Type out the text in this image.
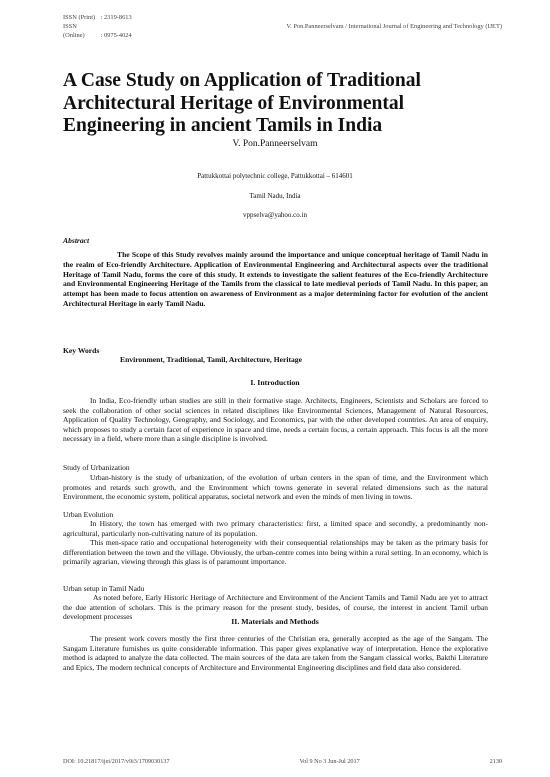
ISSN (Print) : 2319-8613
ISSN (Online) : 0975-4024
V. Pon.Panneerselvam / International Journal of Engineering and Technology (IJET)
A Case Study on Application of Traditional Architectural Heritage of Environmental Engineering in ancient Tamils in India
V. Pon.Panneerselvam
Pattukkottai polytechnic college, Pattukkottai – 614601
Tamil Nadu, India
vppselva@yahoo.co.in
Abstract

The Scope of this Study revolves mainly around the importance and unique conceptual heritage of Tamil Nadu in the realm of Eco-friendly Architecture. Application of Environmental Engineering and Architectural aspects over the traditional Heritage of Tamil Nadu, forms the core of this study. It extends to investigate the salient features of the Eco-friendly Architecture and Environmental Engineering Heritage of the Tamils from the classical to late medieval periods of Tamil Nadu. In this paper, an attempt has been made to focus attention on awareness of Environment as a major determining factor for evolution of the ancient Architectural Heritage in early Tamil Nadu.

Key Words
Environment, Traditional, Tamil, Architecture, Heritage
I. Introduction

In India, Eco-friendly urban studies are still in their formative stage. Architects, Engineers, Scientists and Scholars are forced to seek the collaboration of other social sciences in related disciplines like Environmental Sciences, Management of Natural Resources, Application of Quality Technology, Geography, and Sociology, and Economics, par with the other developed countries. An area of enquiry, which proposes to study a certain facet of experience in space and time, needs a certain focus, a certain approach. This focus is all the more necessary in a field, where more than a single discipline is involved.

Study of Urbanization

Urban-history is the study of urbanization, of the evolution of urban centers in the span of time, and the Environment which promotes and retards such growth, and the Environment which towns generate in several related dimensions such as the natural Environment, the economic system, political apparatus, societal network and even the minds of men living in towns.

Urban Evolution

In History, the town has emerged with two primary characteristics: first, a limited space and secondly, a predominantly non-agricultural, particularly non-cultivating nature of its population.

This men-space ratio and occupational heterogeneity with their consequential relationships may be taken as the primary basis for differentiation between the town and the village. Obviously, the urban-centre comes into being within a rural setting. In an economy, which is primarily agrarian, viewing through this glass is of paramount importance.

Urban setup in Tamil Nadu

As noted before, Early Historic Heritage of Architecture and Environment of the Ancient Tamils and Tamil Nadu are yet to attract the due attention of scholars. This is the primary reason for the present study, besides, of course, the interest in ancient Tamil urban development processes

II. Materials and Methods

The present work covers mostly the first three centuries of the Christian era, generally accepted as the age of the Sangam. The Sangam Literature furnishes us quite considerable information. This paper gives explanative way of interpretation. Hence the explorative method is adapted to analyze the data collected. The main sources of the data are taken from the Sangam classical works, Bakthi Literature and Epics, The modern technical concepts of Architecture and Environmental Engineering disciplines and field data also considered.

DOI: 10.21817/ijet/2017/v9i3/1709030137	Vol 9 No 3 Jun-Jul 2017	2130
